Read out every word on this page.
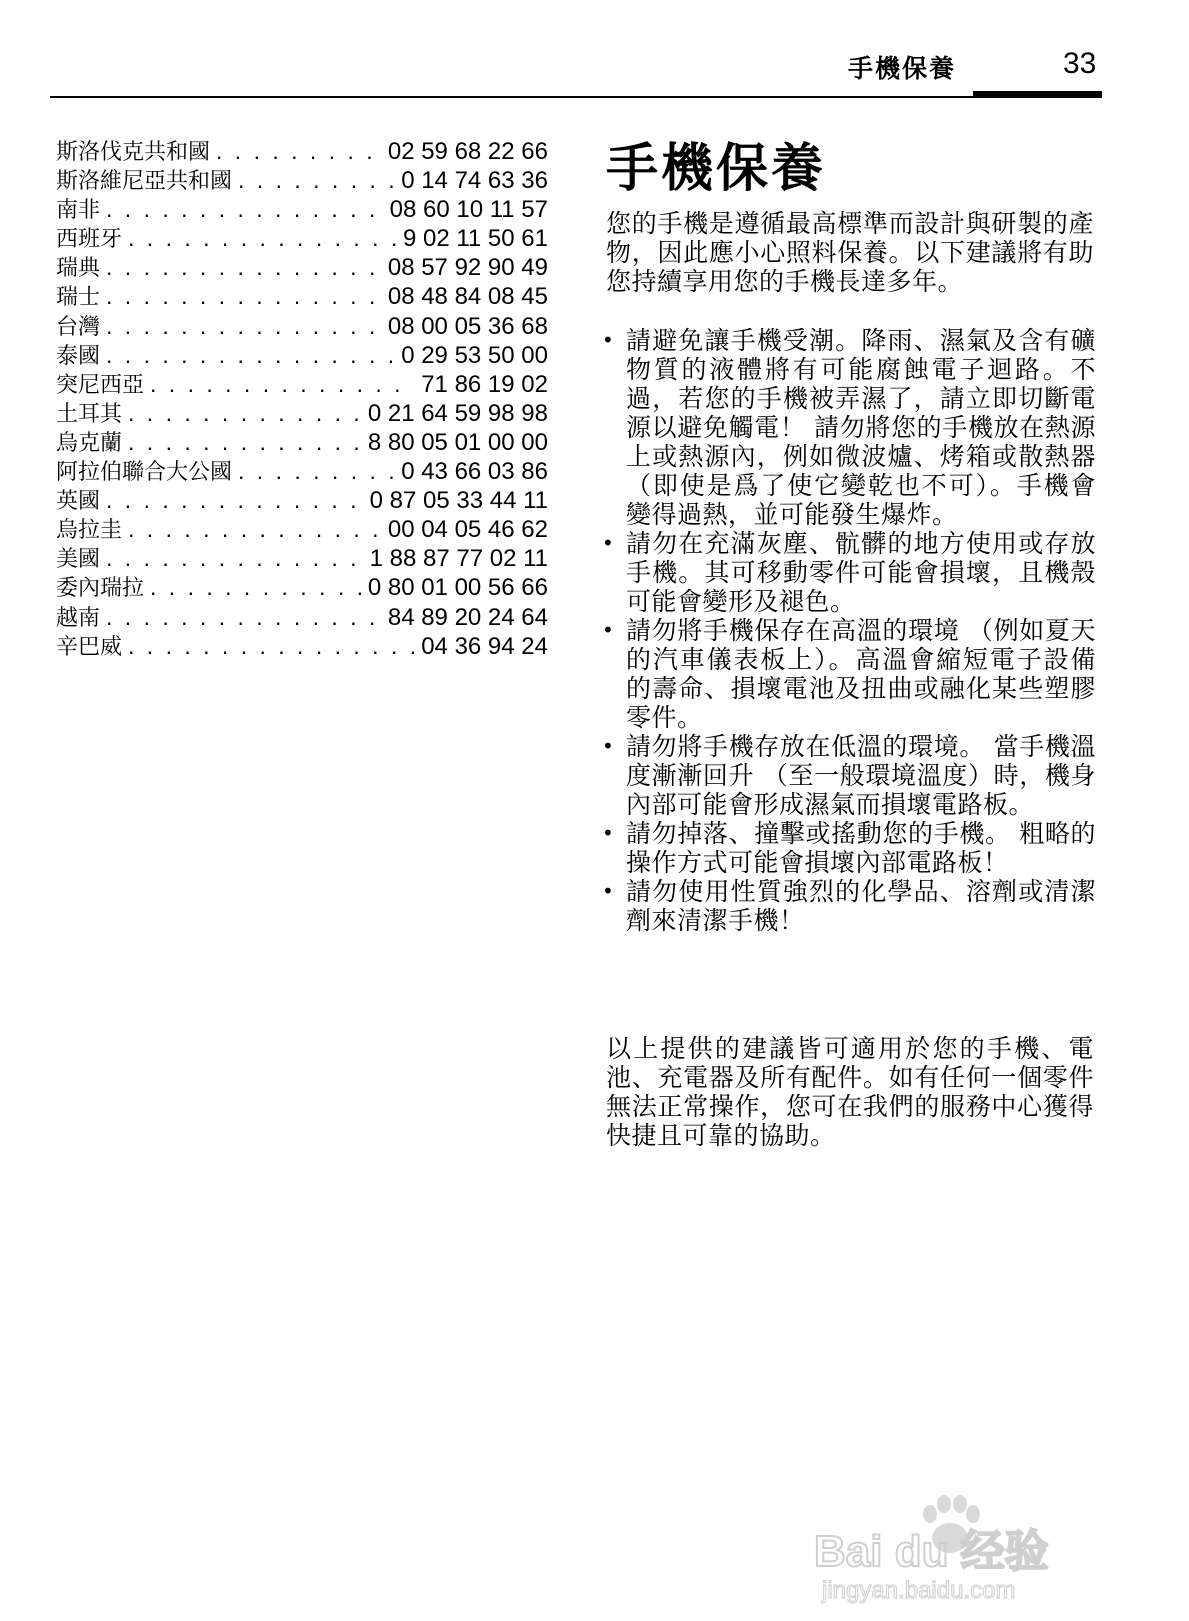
手機保養	33
斯洛伐克共和國 . . .	02 59 68 22 66
斯洛維尼亞共和國 . . .	0 14 74 63 36
南非 . . .	08 60 10 11 57
西班牙 . . .	9 02 11 50 61
瑞典 . . .	08 57 92 90 49
瑞士 . . .	08 48 84 08 45
台灣 . . .	08 00 05 36 68
泰國 . . .	0 29 53 50 00
突尼西亞 . . .	71 86 19 02
土耳其 . . .	0 21 64 59 98 98
烏克蘭 . . .	8 80 05 01 00 00
阿拉伯聯合大公國 . . .	0 43 66 03 86
英國 . . .	0 87 05 33 44 11
烏拉圭 . . .	00 04 05 46 62
美國 . . .	1 88 87 77 02 11
委內瑞拉 . . .	0 80 01 00 56 66
越南 . . .	84 89 20 24 64
辛巴威 . . .	04 36 94 24
手機保養

您的手機是遵循最高標準而設計與研製的產物，因此應小心照料保養。以下建議將有助您持續享用您的手機長達多年。

• 請避免讓手機受潮。降雨、濕氣及含有礦物質的液體將有可能腐蝕電子迴路。不過，若您的手機被弄濕了，請立即切斷電源以避免觸電！ 請勿將您的手機放在熱源上或熱源內，例如微波爐、烤箱或散熱器 （即使是爲了使它變乾也不可）。手機會變得過熱，並可能發生爆炸。
• 請勿在充滿灰塵、骯髒的地方使用或存放手機。其可移動零件可能會損壞，且機殼可能會變形及褪色。
• 請勿將手機保存在高溫的環境 （例如夏天的汽車儀表板上）。高溫會縮短電子設備的壽命、損壞電池及扭曲或融化某些塑膠零件。
• 請勿將手機存放在低溫的環境。 當手機溫度漸漸回升 （至一般環境溫度）時，機身內部可能會形成濕氣而損壞電路板。
• 請勿掉落、撞擊或搖動您的手機。 粗略的操作方式可能會損壞內部電路板！
• 請勿使用性質強烈的化學品、溶劑或清潔劑來清潔手機！

以上提供的建議皆可適用於您的手機、電池、充電器及所有配件。如有任何一個零件無法正常操作，您可在我們的服務中心獲得快捷且可靠的協助。

Bai du 经验
jingyan.baidu.com
